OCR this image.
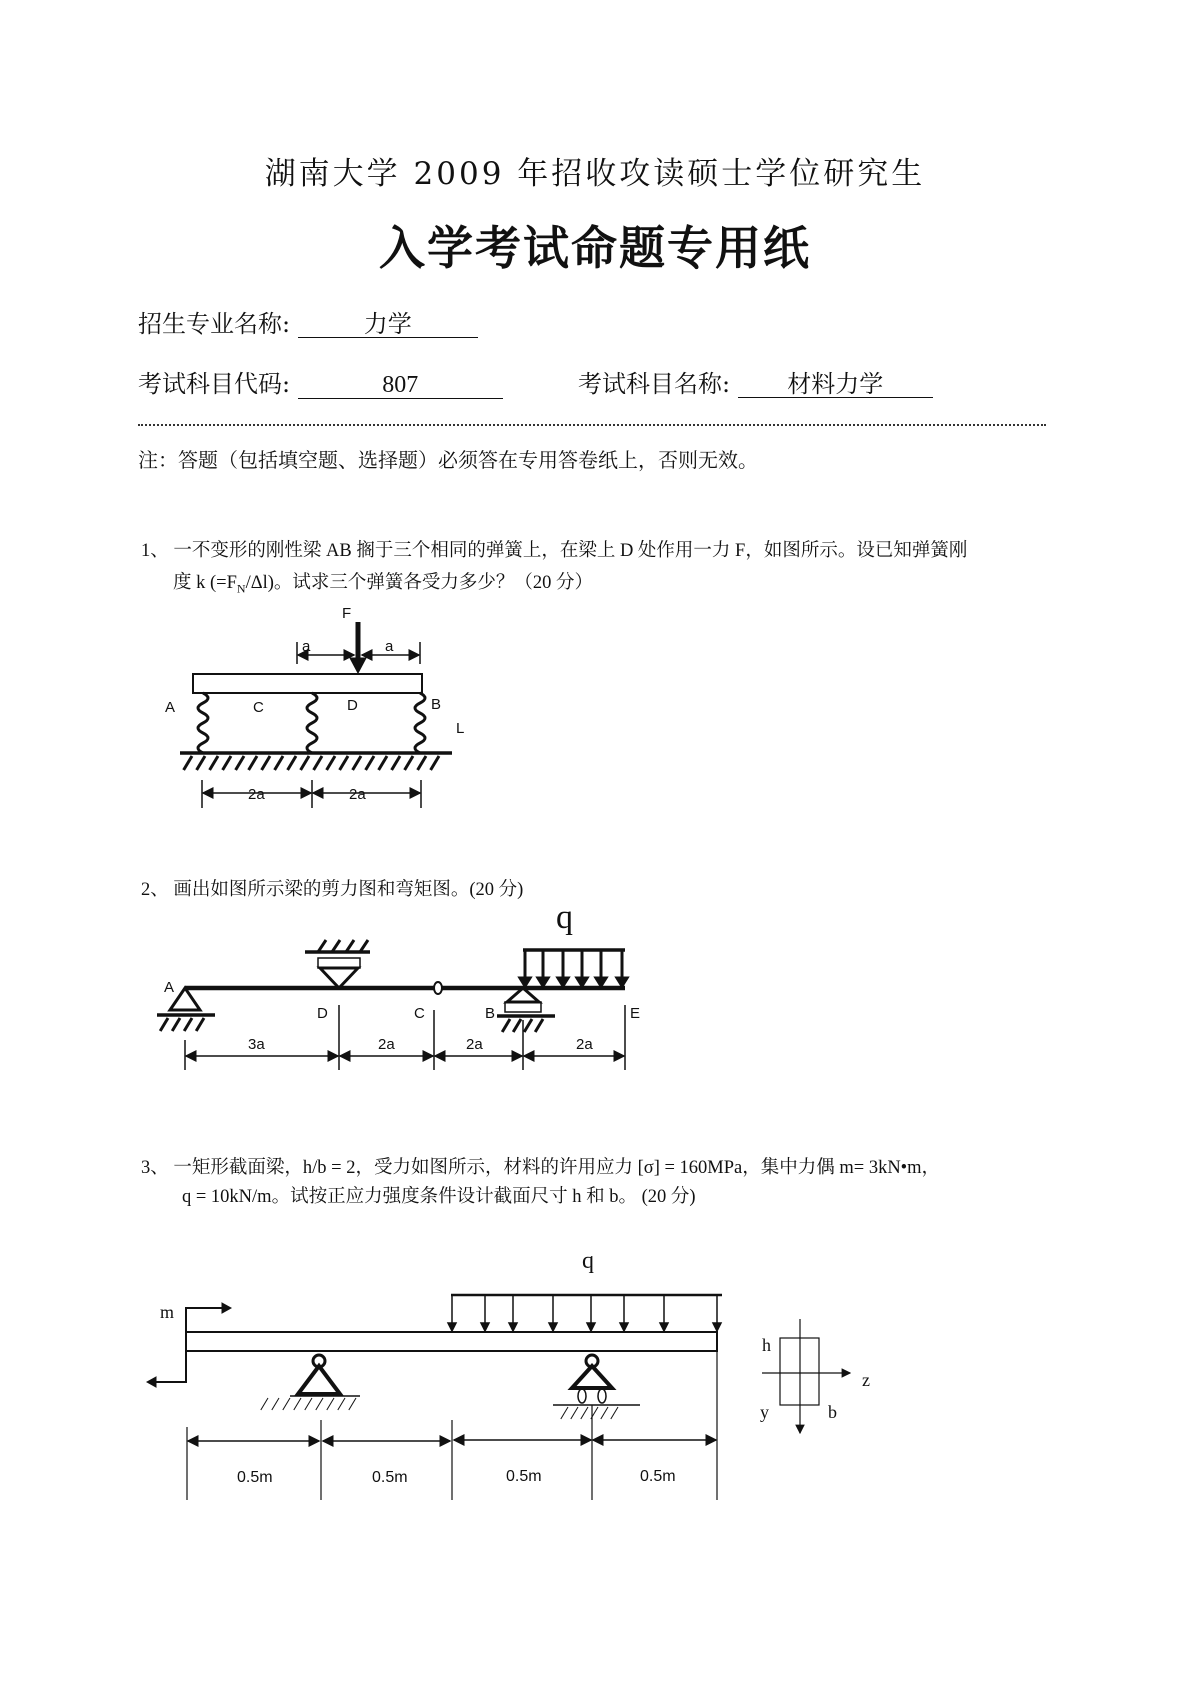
湖南大学 2009 年招收攻读硕士学位研究生
入学考试命题专用纸
招生专业名称:	力学
考试科目代码:	807	考试科目名称: 材料力学
注：答题（包括填空题、选择题）必须答在专用答卷纸上，否则无效。
1、 一不变形的刚性梁 AB 搁于三个相同的弹簧上，在梁上 D 处作用一力 F，如图所示。设已知弹簧刚
度 k $(=F_N/\Delta l)$。试求三个弹簧各受力多少？（20 分）
2、 画出如图所示梁的剪力图和弯矩图。(20 分)
3、 一矩形截面梁，h/b = 2，受力如图所示，材料的许用应力 [σ] = 160MPa，集中力偶 m= 3kN•m，
q = 10kN/m。试按正应力强度条件设计截面尺寸 h 和 b。 (20 分)
F
a	a
A	C	D	B
L
2a	2a
q
A
D	C	B	E
3a	2a	2a	2a
m
q
0.5m	0.5m	0.5m	0.5m
h
z
y	b
